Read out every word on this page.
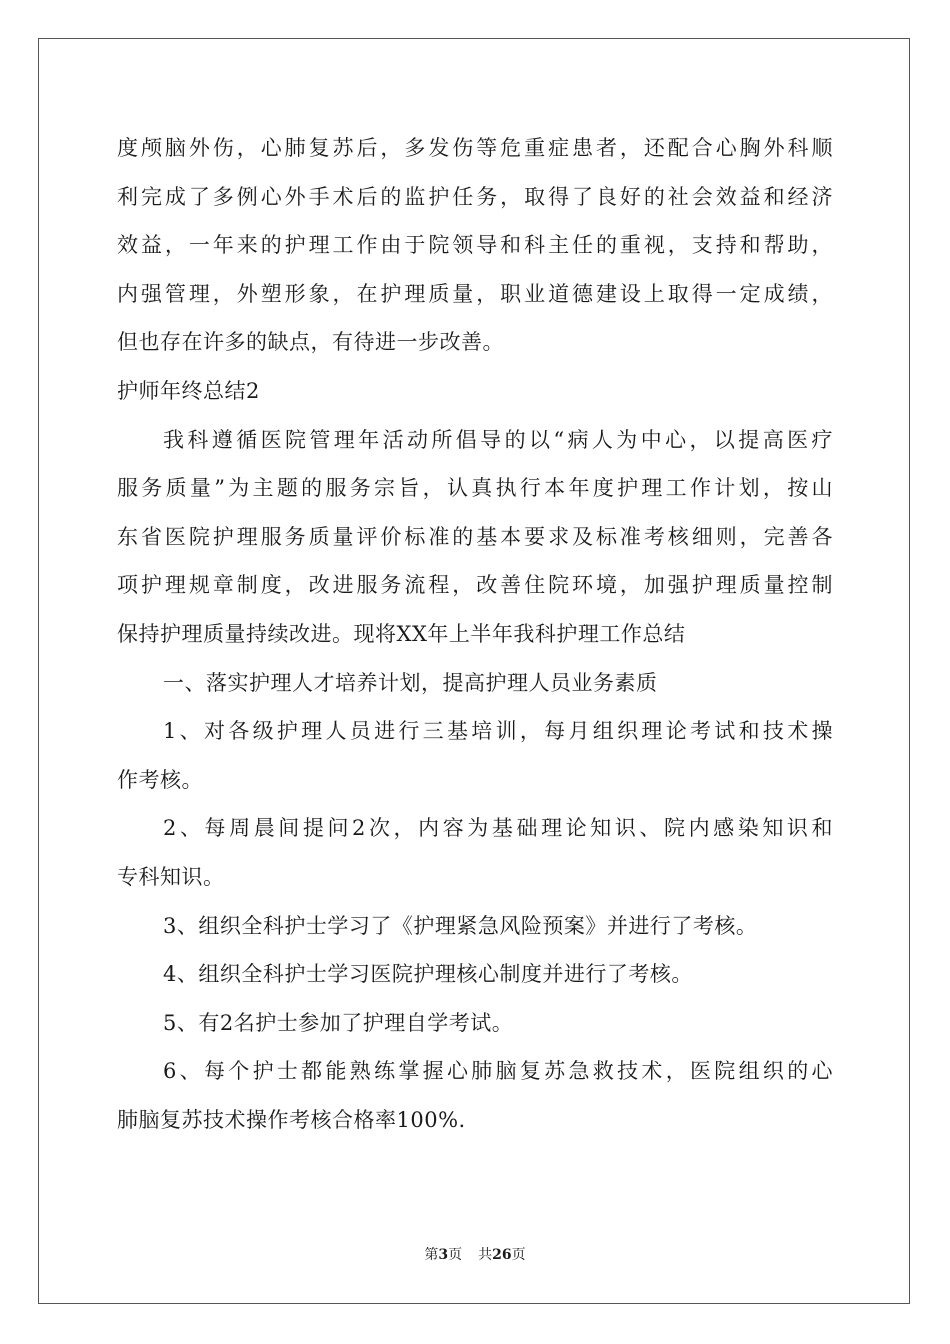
度颅脑外伤，心肺复苏后，多发伤等危重症患者，还配合心胸外科顺
利完成了多例心外手术后的监护任务，取得了良好的社会效益和经济
效益，一年来的护理工作由于院领导和科主任的重视，支持和帮助，
内强管理，外塑形象，在护理质量，职业道德建设上取得一定成绩，
但也存在许多的缺点，有待进一步改善。
护师年终总结2
我科遵循医院管理年活动所倡导的以“病人为中心，以提高医疗
服务质量”为主题的服务宗旨，认真执行本年度护理工作计划，按山
东省医院护理服务质量评价标准的基本要求及标准考核细则，完善各
项护理规章制度，改进服务流程，改善住院环境，加强护理质量控制
保持护理质量持续改进。现将XX年上半年我科护理工作总结
一、落实护理人才培养计划，提高护理人员业务素质
1、对各级护理人员进行三基培训，每月组织理论考试和技术操
作考核。
2、每周晨间提问2次，内容为基础理论知识、院内感染知识和
专科知识。
3、组织全科护士学习了《护理紧急风险预案》并进行了考核。
4、组织全科护士学习医院护理核心制度并进行了考核。
5、有2名护士参加了护理自学考试。
6、每个护士都能熟练掌握心肺脑复苏急救技术，医院组织的心
肺脑复苏技术操作考核合格率100%.
第3页 共26页
